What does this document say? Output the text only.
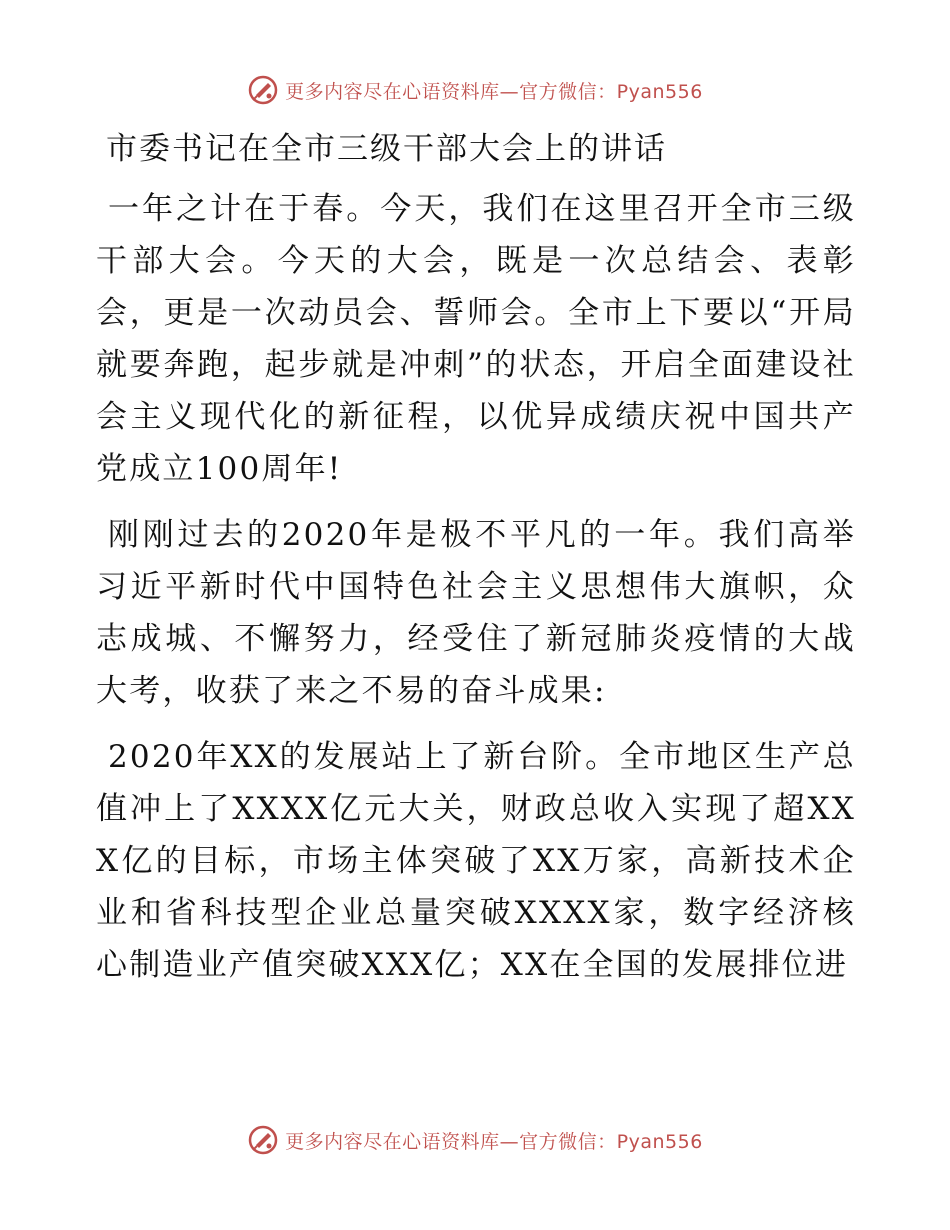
更多内容尽在心语资料库—官方微信：Pyan556
市委书记在全市三级干部大会上的讲话

一年之计在于春。今天，我们在这里召开全市三级干部大会。今天的大会，既是一次总结会、表彰会，更是一次动员会、誓师会。全市上下要以“开局就要奔跑，起步就是冲刺”的状态，开启全面建设社会主义现代化的新征程，以优异成绩庆祝中国共产党成立100周年!

刚刚过去的2020年是极不平凡的一年。我们高举习近平新时代中国特色社会主义思想伟大旗帜，众志成城、不懈努力，经受住了新冠肺炎疫情的大战大考，收获了来之不易的奋斗成果:

2020年XX的发展站上了新台阶。全市地区生产总值冲上了XXXX亿元大关，财政总收入实现了超XXX亿的目标，市场主体突破了XX万家，高新技术企业和省科技型企业总量突破XXXX家，数字经济核心制造业产值突破XXX亿；XX在全国的发展排位进

更多内容尽在心语资料库—官方微信：Pyan556
